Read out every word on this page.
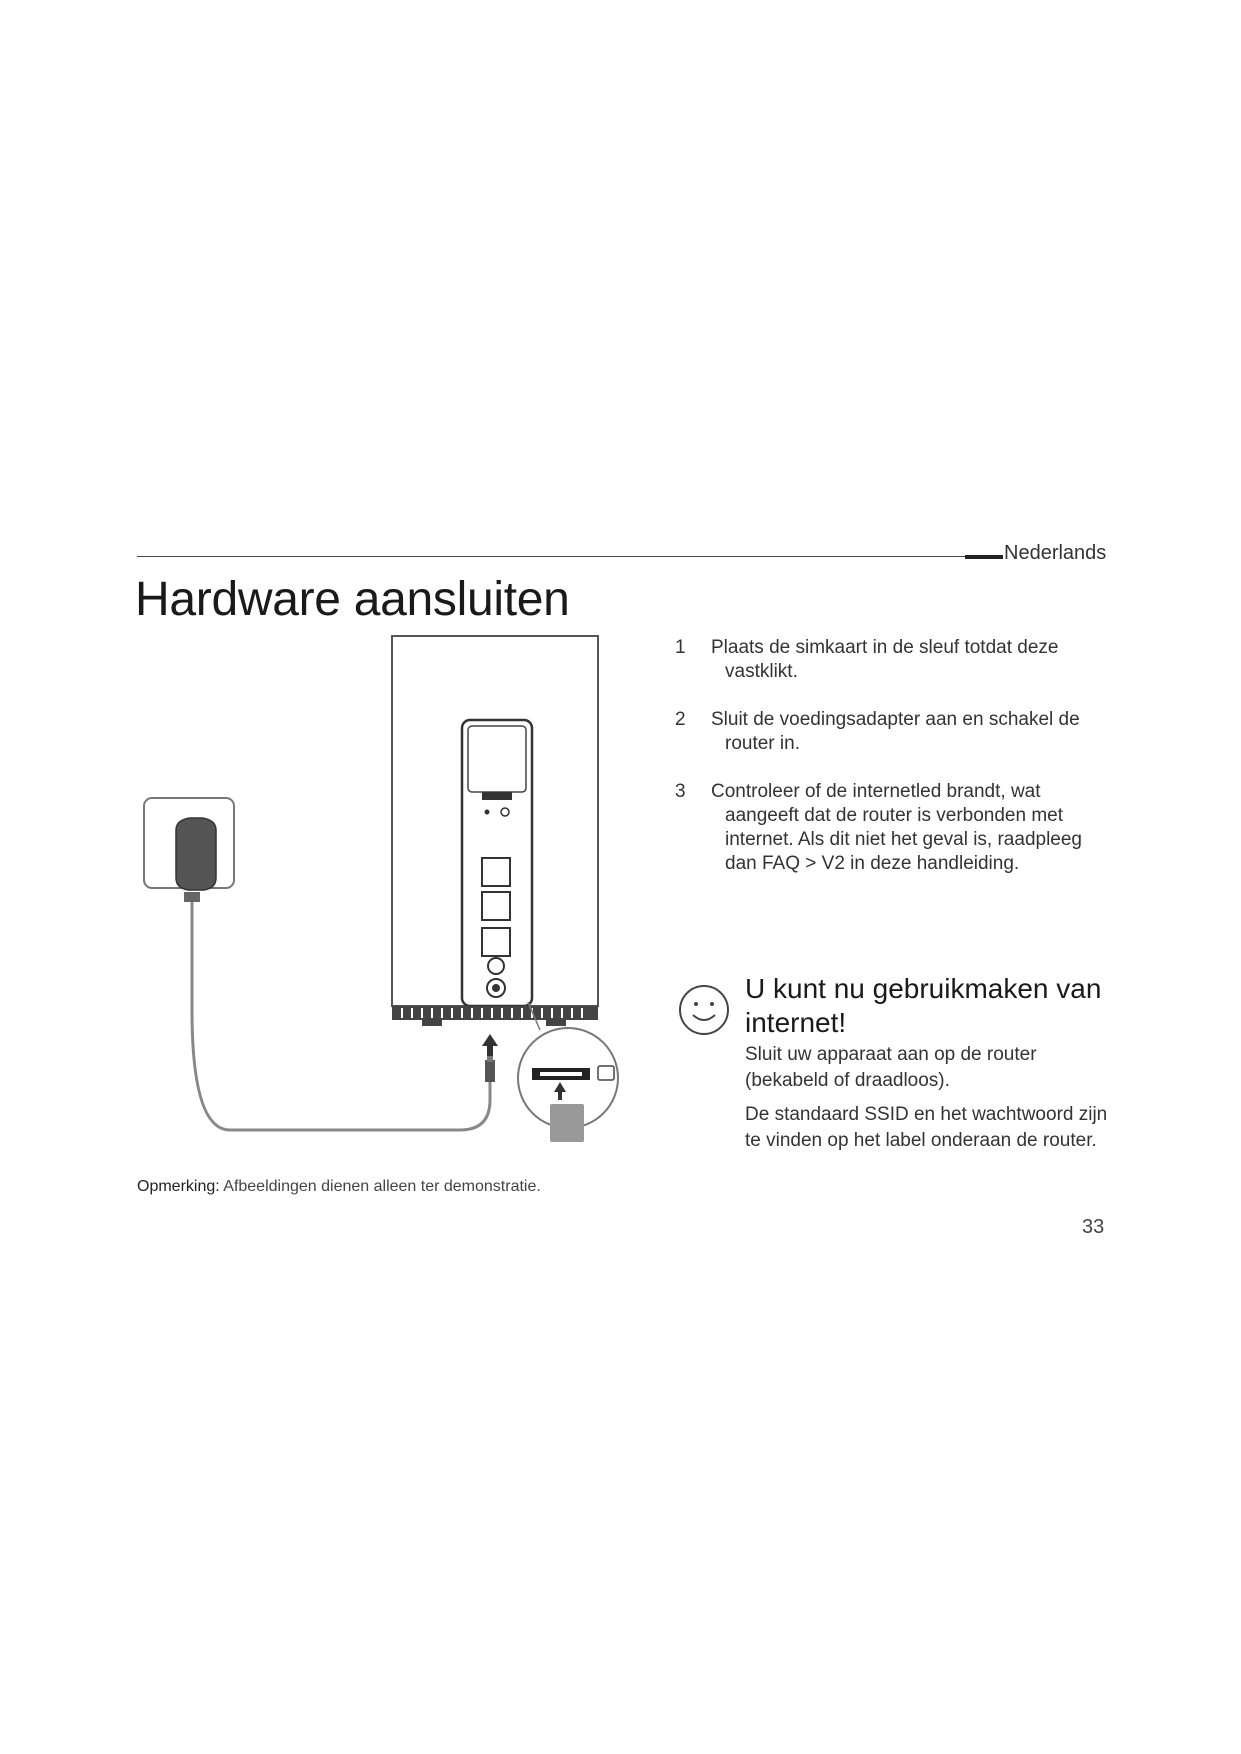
Nederlands
Hardware aansluiten
1 Plaats de simkaart in de sleuf totdat deze vastklikt.
2 Sluit de voedingsadapter aan en schakel de router in.
3 Controleer of de internetled brandt, wat aangeeft dat de router is verbonden met internet. Als dit niet het geval is, raadpleeg dan FAQ > V2 in deze handleiding.
U kunt nu gebruikmaken van internet!

Sluit uw apparaat aan op de router (bekabeld of draadloos).

De standaard SSID en het wachtwoord zijn te vinden op het label onderaan de router.

Opmerking: Afbeeldingen dienen alleen ter demonstratie.
33
